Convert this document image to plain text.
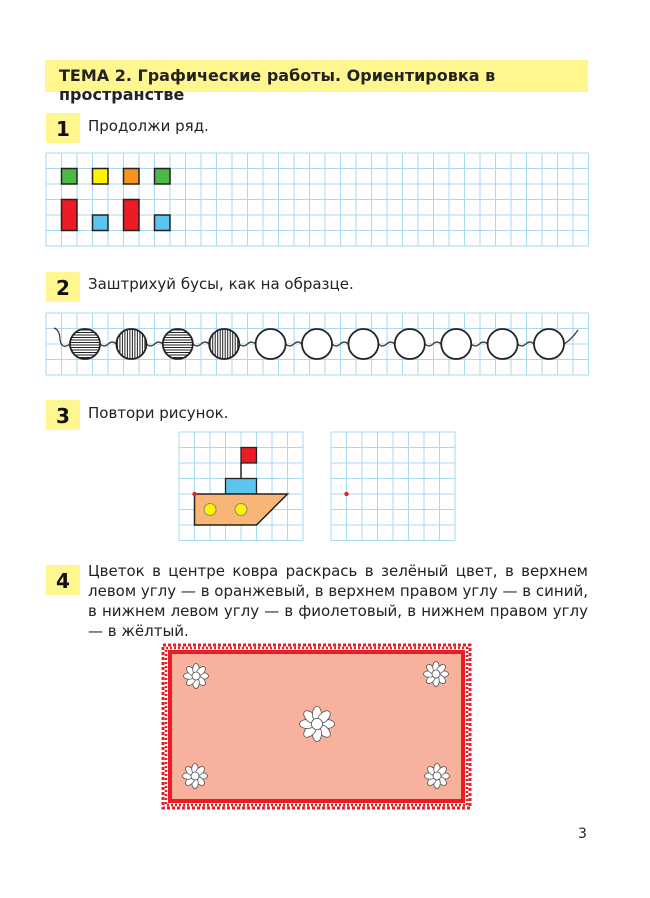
ТЕМА 2. Графические работы. Ориентировка в пространстве
1	Продолжи ряд.
2	Заштрихуй бусы, как на образце.
3	Повтори рисунок.
4	Цветок в центре ковра раскрась в зелёный цвет, в верхнем левом углу — в оранжевый, в верхнем правом углу — в синий, в нижнем левом углу — в фиолетовый, в нижнем правом углу — в жёлтый.
3
